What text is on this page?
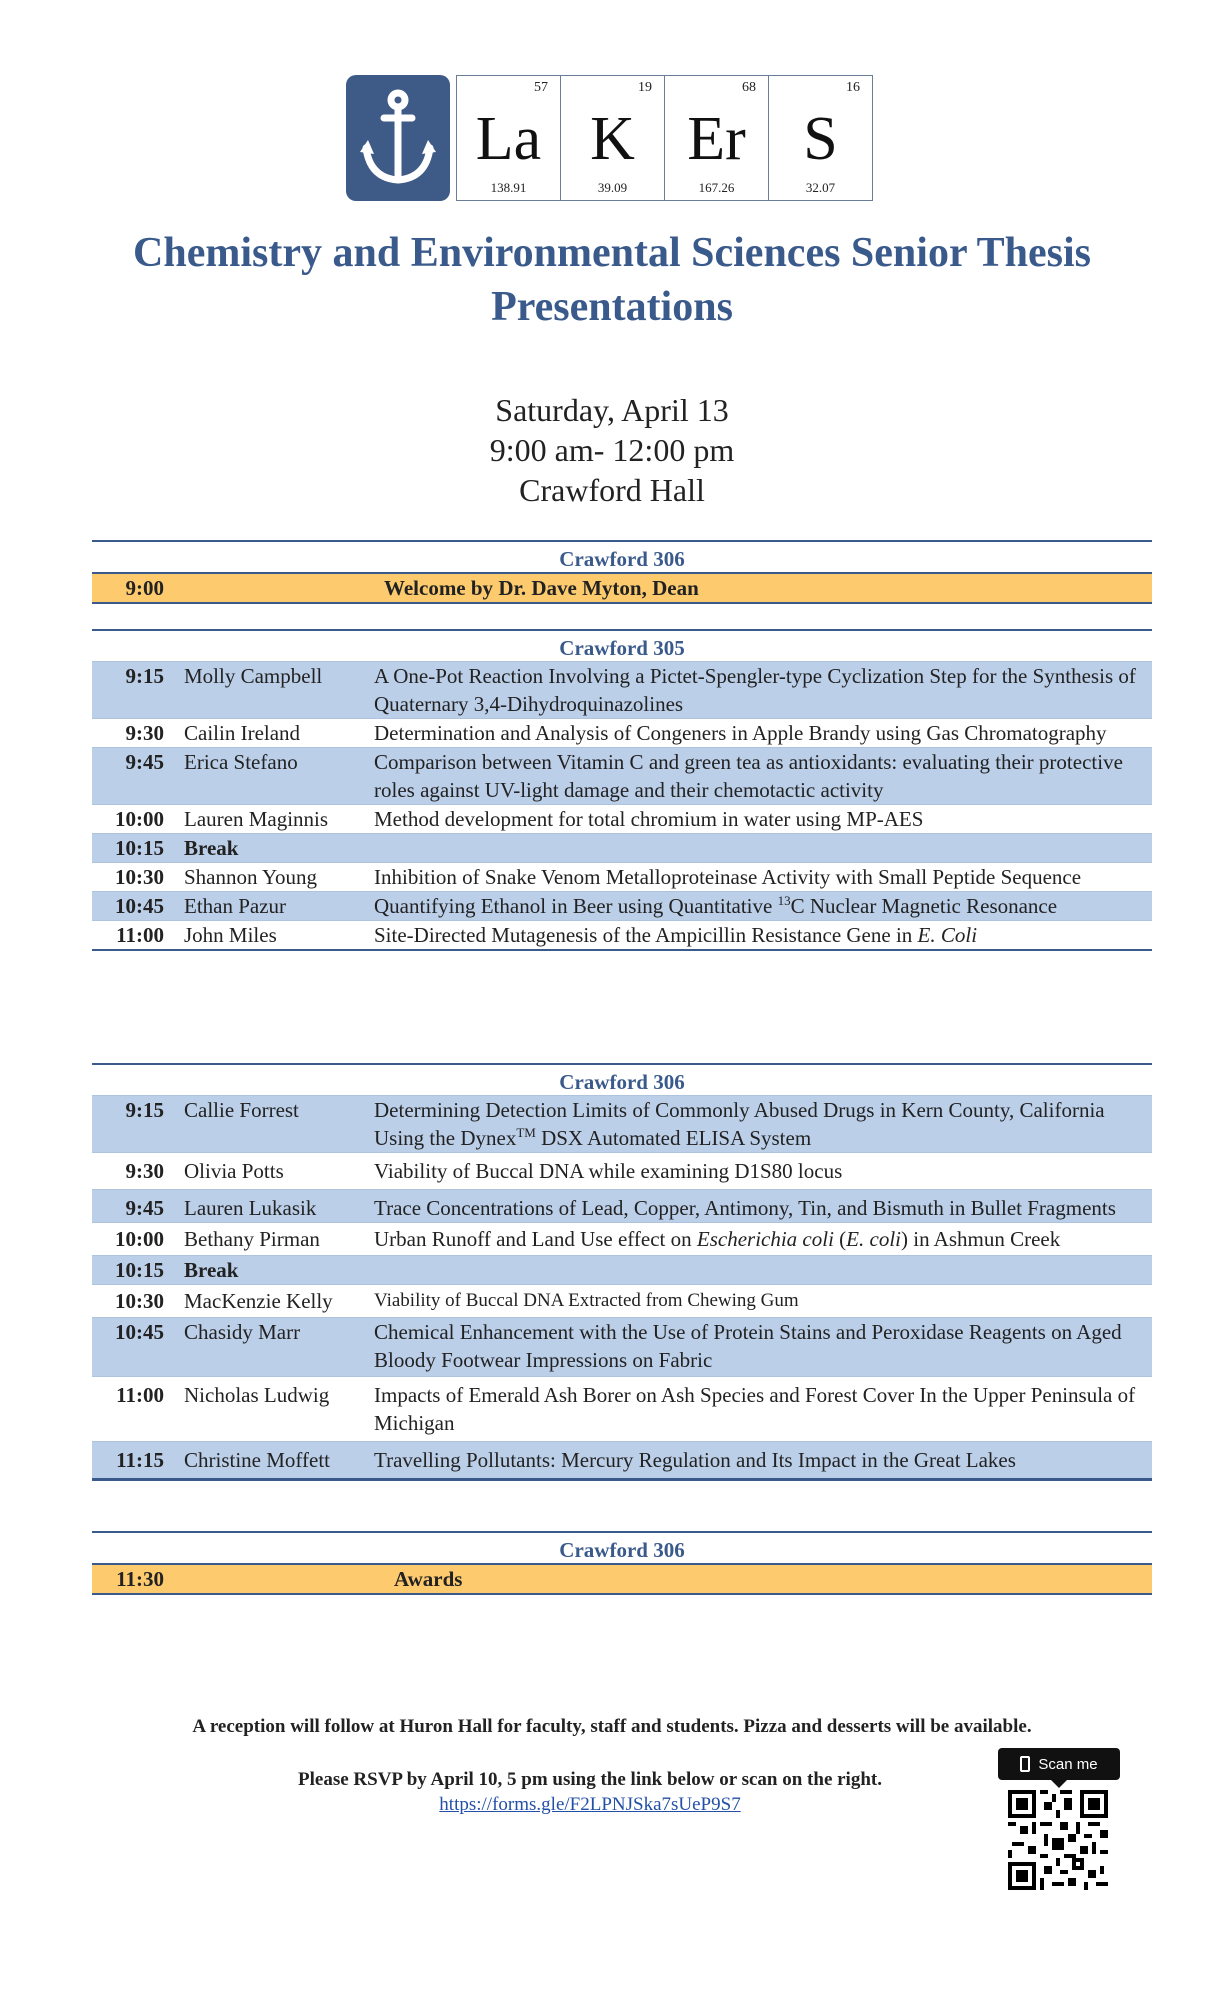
57
La
138.91
19
K
39.09
68
Er
167.26
16
S
32.07
Chemistry and Environmental Sciences Senior Thesis Presentations
Saturday, April 13
9:00 am- 12:00 pm
Crawford Hall
Crawford 306
9:00	Welcome by Dr. Dave Myton, Dean
Crawford 305
9:15 Molly Campbell	A One-Pot Reaction Involving a Pictet-Spengler-type Cyclization Step for the Synthesis of Quaternary 3,4-Dihydroquinazolines
9:30 Cailin Ireland	Determination and Analysis of Congeners in Apple Brandy using Gas Chromatography
9:45 Erica Stefano	Comparison between Vitamin C and green tea as antioxidants: evaluating their protective roles against UV-light damage and their chemotactic activity
10:00 Lauren Maginnis	Method development for total chromium in water using MP-AES
10:15 Break
10:30 Shannon Young	Inhibition of Snake Venom Metalloproteinase Activity with Small Peptide Sequence
10:45 Ethan Pazur	Quantifying Ethanol in Beer using Quantitative $^{13}$C Nuclear Magnetic Resonance
11:00 John Miles	Site-Directed Mutagenesis of the Ampicillin Resistance Gene in E. Coli
Crawford 306
9:15 Callie Forrest	Determining Detection Limits of Commonly Abused Drugs in Kern County, California Using the Dynex™ DSX Automated ELISA System
9:30 Olivia Potts	Viability of Buccal DNA while examining D1S80 locus
9:45 Lauren Lukasik	Trace Concentrations of Lead, Copper, Antimony, Tin, and Bismuth in Bullet Fragments
10:00 Bethany Pirman	Urban Runoff and Land Use effect on Escherichia coli (E. coli) in Ashmun Creek
10:15 Break
10:30 MacKenzie Kelly	Viability of Buccal DNA Extracted from Chewing Gum
10:45 Chasidy Marr	Chemical Enhancement with the Use of Protein Stains and Peroxidase Reagents on Aged Bloody Footwear Impressions on Fabric
11:00 Nicholas Ludwig	Impacts of Emerald Ash Borer on Ash Species and Forest Cover In the Upper Peninsula of Michigan
11:15 Christine Moffett	Travelling Pollutants: Mercury Regulation and Its Impact in the Great Lakes
Crawford 306
11:30	Awards
A reception will follow at Huron Hall for faculty, staff and students. Pizza and desserts will be available.
Please RSVP by April 10, 5 pm using the link below or scan on the right.
https://forms.gle/F2LPNJSka7sUeP9S7
Scan me
